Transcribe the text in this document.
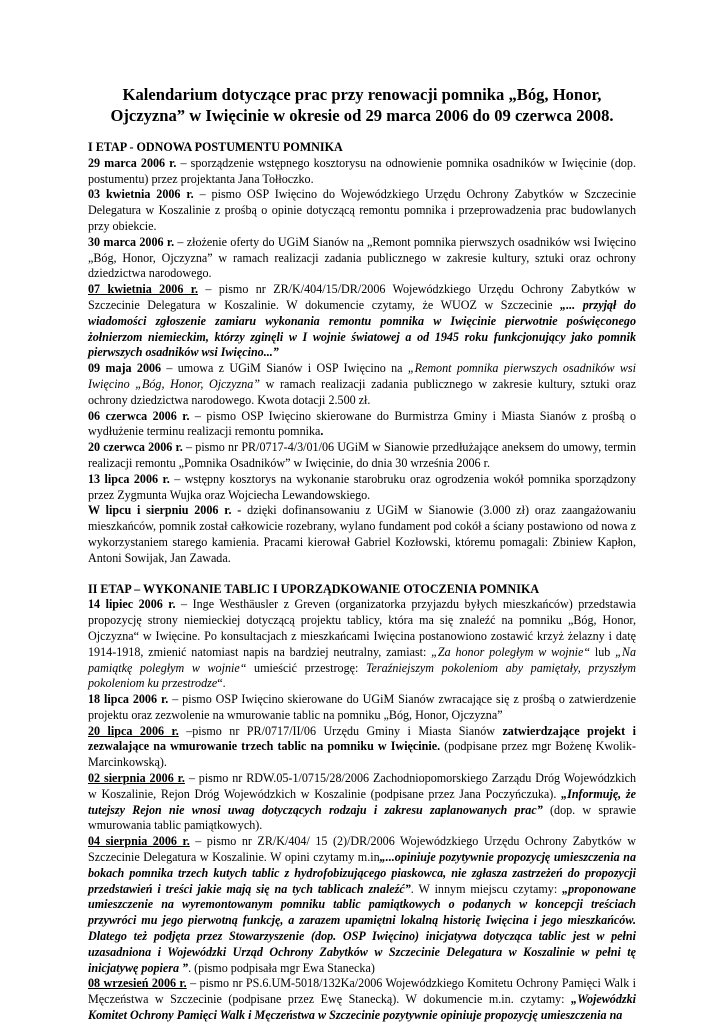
Kalendarium dotyczące prac przy renowacji pomnika „Bóg, Honor, Ojczyzna” w Iwięcinie w okresie od 29 marca 2006 do 09 czerwca 2008.

I ETAP - ODNOWA POSTUMENTU POMNIKA

29 marca 2006 r. – sporządzenie wstępnego kosztorysu na odnowienie pomnika osadników w Iwięcinie (dop. postumentu) przez projektanta Jana Tołłoczko.

03 kwietnia 2006 r. – pismo OSP Iwięcino do Wojewódzkiego Urzędu Ochrony Zabytków w Szczecinie Delegatura w Koszalinie z prośbą o opinie dotyczącą remontu pomnika i przeprowadzenia prac budowlanych przy obiekcie.

30 marca 2006 r. – złożenie oferty do UGiM Sianów na „Remont pomnika pierwszych osadników wsi Iwięcino „Bóg, Honor, Ojczyzna” w ramach realizacji zadania publicznego w zakresie kultury, sztuki oraz ochrony dziedzictwa narodowego.

07 kwietnia 2006 r. – pismo nr ZR/K/404/15/DR/2006 Wojewódzkiego Urzędu Ochrony Zabytków w Szczecinie Delegatura w Koszalinie. W dokumencie czytamy, że WUOZ w Szczecinie „... przyjął do wiadomości zgłoszenie zamiaru wykonania remontu pomnika w Iwięcinie pierwotnie poświęconego żołnierzom niemieckim, którzy zginęli w I wojnie światowej a od 1945 roku funkcjonujący jako pomnik pierwszych osadników wsi Iwięcino...”

09 maja 2006 – umowa z UGiM Sianów i OSP Iwięcino na „Remont pomnika pierwszych osadników wsi Iwięcino „Bóg, Honor, Ojczyzna” w ramach realizacji zadania publicznego w zakresie kultury, sztuki oraz ochrony dziedzictwa narodowego. Kwota dotacji 2.500 zł.

06 czerwca 2006 r. – pismo OSP Iwięcino skierowane do Burmistrza Gminy i Miasta Sianów z prośbą o wydłużenie terminu realizacji remontu pomnika.

20 czerwca 2006 r. – pismo nr PR/0717-4/3/01/06 UGiM w Sianowie przedłużające aneksem do umowy, termin realizacji remontu „Pomnika Osadników” w Iwięcinie, do dnia 30 września 2006 r.

13 lipca 2006 r. – wstępny kosztorys na wykonanie starobruku oraz ogrodzenia wokół pomnika sporządzony przez Zygmunta Wujka oraz Wojciecha Lewandowskiego.

W lipcu i sierpniu 2006 r. - dzięki dofinansowaniu z UGiM w Sianowie (3.000 zł) oraz zaangażowaniu mieszkańców, pomnik został całkowicie rozebrany, wylano fundament pod cokół a ściany postawiono od nowa z wykorzystaniem starego kamienia. Pracami kierował Gabriel Kozłowski, któremu pomagali: Zbiniew Kapłon, Antoni Sowijak, Jan Zawada.

II ETAP – WYKONANIE TABLIC I UPORZĄDKOWANIE OTOCZENIA POMNIKA

14 lipiec 2006 r. – Inge Westhäusler z Greven (organizatorka przyjazdu byłych mieszkańców) przedstawia propozycję strony niemieckiej dotyczącą projektu tablicy, która ma się znaleźć na pomniku „Bóg, Honor, Ojczyzna“ w Iwięcine. Po konsultacjach z mieszkańcami Iwięcina postanowiono zostawić krzyż żelazny i datę 1914-1918, zmienić natomiast napis na bardziej neutralny, zamiast: „Za honor poległym w wojnie“ lub „Na pamiątkę poległym w wojnie“ umieścić przestrogę: Teraźniejszym pokoleniom aby pamiętały, przyszłym pokoleniom ku przestrodze“.

18 lipca 2006 r. – pismo OSP Iwięcino skierowane do UGiM Sianów zwracające się z prośbą o zatwierdzenie projektu oraz zezwolenie na wmurowanie tablic na pomniku „Bóg, Honor, Ojczyzna”

20 lipca 2006 r. –pismo nr PR/0717/II/06 Urzędu Gminy i Miasta Sianów zatwierdzające projekt i zezwalające na wmurowanie trzech tablic na pomniku w Iwięcinie. (podpisane przez mgr Bożenę Kwolik-Marcinkowską).

02 sierpnia 2006 r. – pismo nr RDW.05-1/0715/28/2006 Zachodniopomorskiego Zarządu Dróg Wojewódzkich w Koszalinie, Rejon Dróg Wojewódzkich w Koszalinie (podpisane przez Jana Poczyńczuka). „Informuję, że tutejszy Rejon nie wnosi uwag dotyczących rodzaju i zakresu zaplanowanych prac” (dop. w sprawie wmurowania tablic pamiątkowych).

04 sierpnia 2006 r. – pismo nr ZR/K/404/ 15 (2)/DR/2006 Wojewódzkiego Urzędu Ochrony Zabytków w Szczecinie Delegatura w Koszalinie. W opini czytamy m.in„...opiniuje pozytywnie propozycję umieszczenia na bokach pomnika trzech kutych tablic z hydrofobizującego piaskowca, nie zgłasza zastrzeżeń do propozycji przedstawień i treści jakie mają się na tych tablicach znaleźć”. W innym miejscu czytamy: „proponowane umieszczenie na wyremontowanym pomniku tablic pamiątkowych o podanych w koncepcji treściach przywróci mu jego pierwotną funkcję, a zarazem upamiętni lokalną historię Iwięcina i jego mieszkańców. Dlatego też podjęta przez Stowarzyszenie (dop. OSP Iwięcino) inicjatywa dotycząca tablic jest w pełni uzasadniona i Wojewódzki Urząd Ochrony Zabytków w Szczecinie Delegatura w Koszalinie w pełni tę inicjatywę popiera ”. (pismo podpisała mgr Ewa Stanecka)

08 wrzesień 2006 r. – pismo nr PS.6.UM-5018/132Ka/2006 Wojewódzkiego Komitetu Ochrony Pamięci Walk i Męczeństwa w Szczecinie (podpisane przez Ewę Stanecką). W dokumencie m.in. czytamy: „Wojewódzki Komitet Ochrony Pamięci Walk i Męczeństwa w Szczecinie pozytywnie opiniuje propozycję umieszczenia na
